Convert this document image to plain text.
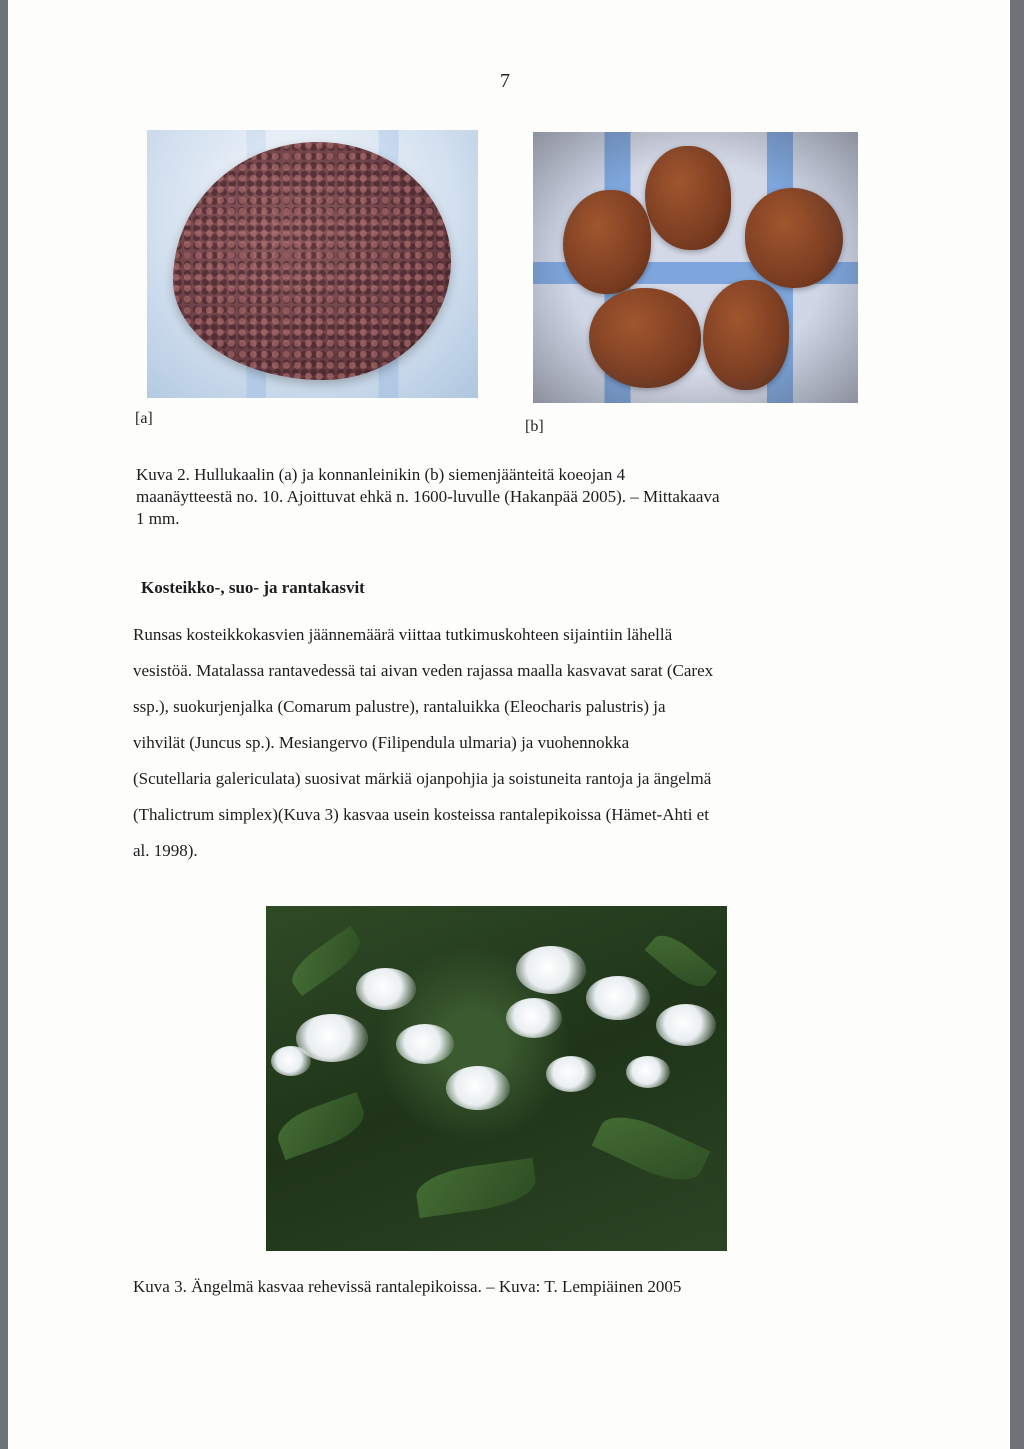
7
[a]	[b]
Kuva 2. Hullukaalin (a) ja konnanleinikin (b) siemenjäänteitä koeojan 4
maanäytteestä no. 10. Ajoittuvat ehkä n. 1600-luvulle (Hakanpää 2005). – Mittakaava
1 mm.
Kosteikko-, suo- ja rantakasvit
Runsas kosteikkokasvien jäännemäärä viittaa tutkimuskohteen sijaintiin lähellä
vesistöä. Matalassa rantavedessä tai aivan veden rajassa maalla kasvavat sarat (Carex
ssp.), suokurjenjalka (Comarum palustre), rantaluikka (Eleocharis palustris) ja
vihvilät (Juncus sp.). Mesiangervo (Filipendula ulmaria) ja vuohennokka
(Scutellaria galericulata) suosivat märkiä ojanpohjia ja soistuneita rantoja ja ängelmä
(Thalictrum simplex)(Kuva 3) kasvaa usein kosteissa rantalepikoissa (Hämet-Ahti et
al. 1998).
Kuva 3. Ängelmä kasvaa rehevissä rantalepikoissa. – Kuva: T. Lempiäinen 2005
